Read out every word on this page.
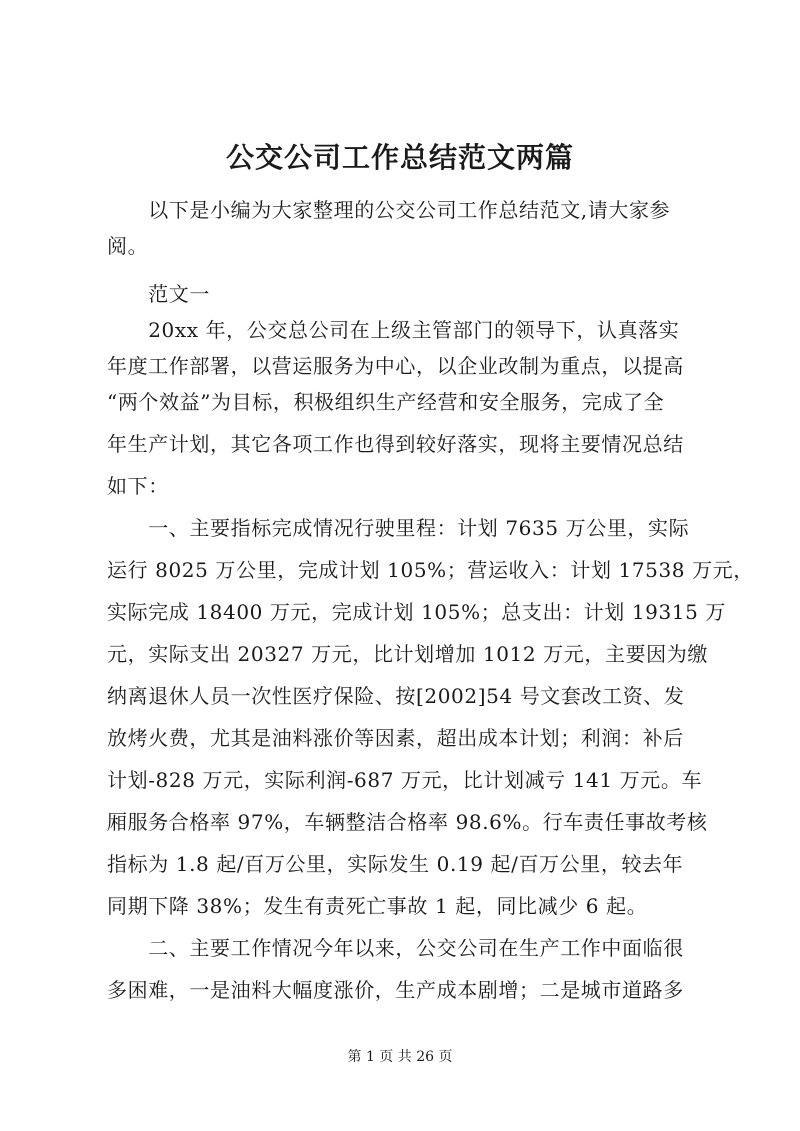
公交公司工作总结范文两篇
　　以下是小编为大家整理的公交公司工作总结范文,请大家参
阅。
　　范文一
　　20xx 年，公交总公司在上级主管部门的领导下，认真落实
年度工作部署，以营运服务为中心，以企业改制为重点，以提高
“两个效益”为目标，积极组织生产经营和安全服务，完成了全
年生产计划，其它各项工作也得到较好落实，现将主要情况总结
如下：
　　一、主要指标完成情况行驶里程：计划 7635 万公里，实际
运行 8025 万公里，完成计划 105%；营运收入：计划 17538 万元，
实际完成 18400 万元，完成计划 105%；总支出：计划 19315 万
元，实际支出 20327 万元，比计划增加 1012 万元，主要因为缴
纳离退休人员一次性医疗保险、按[2002]54 号文套改工资、发
放烤火费，尤其是油料涨价等因素，超出成本计划；利润：补后
计划-828 万元，实际利润-687 万元，比计划减亏 141 万元。车
厢服务合格率 97%，车辆整洁合格率 98.6%。行车责任事故考核
指标为 1.8 起/百万公里，实际发生 0.19 起/百万公里，较去年
同期下降 38%；发生有责死亡事故 1 起，同比减少 6 起。
　　二、主要工作情况今年以来，公交公司在生产工作中面临很
多困难，一是油料大幅度涨价，生产成本剧增；二是城市道路多
第 1 页 共 26 页
